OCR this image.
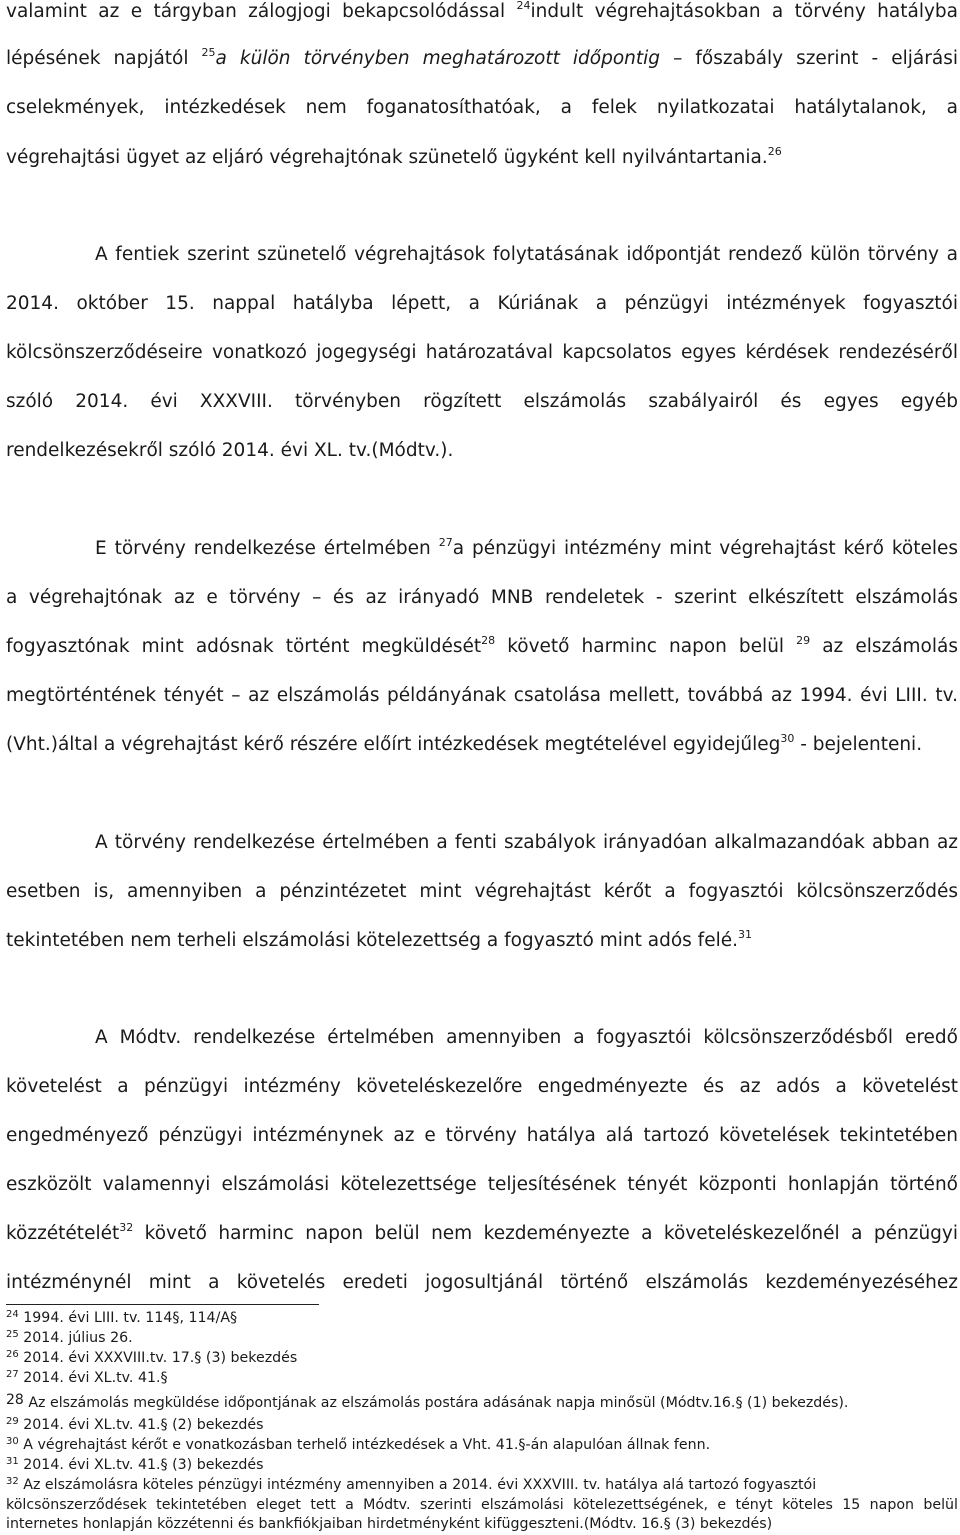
valamint az e tárgyban zálogjogi bekapcsolódással $^{24}$indult végrehajtásokban a törvény hatályba
lépésének napjától $^{25}$a külön törvényben meghatározott időpontig – főszabály szerint - eljárási
cselekmények, intézkedések nem foganatosíthatóak, a felek nyilatkozatai hatálytalanok, a
végrehajtási ügyet az eljáró végrehajtónak szünetelő ügyként kell nyilvántartania.$^{26}$
A fentiek szerint szünetelő végrehajtások folytatásának időpontját rendező külön törvény a
2014. október 15. nappal hatályba lépett, a Kúriának a pénzügyi intézmények fogyasztói
kölcsönszerződéseire vonatkozó jogegységi határozatával kapcsolatos egyes kérdések rendezéséről
szóló 2014. évi XXXVIII. törvényben rögzített elszámolás szabályairól és egyes egyéb
rendelkezésekről szóló 2014. évi XL. tv.(Módtv.).
E törvény rendelkezése értelmében $^{27}$a pénzügyi intézmény mint végrehajtást kérő köteles
a végrehajtónak az e törvény – és az irányadó MNB rendeletek - szerint elkészített elszámolás
fogyasztónak mint adósnak történt megküldését$^{28}$ követő harminc napon belül $^{29}$ az elszámolás
megtörténtének tényét – az elszámolás példányának csatolása mellett, továbbá az 1994. évi LIII. tv.
(Vht.)által a végrehajtást kérő részére előírt intézkedések megtételével egyidejűleg$^{30}$ - bejelenteni.
A törvény rendelkezése értelmében a fenti szabályok irányadóan alkalmazandóak abban az
esetben is, amennyiben a pénzintézetet mint végrehajtást kérőt a fogyasztói kölcsönszerződés
tekintetében nem terheli elszámolási kötelezettség a fogyasztó mint adós felé.$^{31}$
A Módtv. rendelkezése értelmében amennyiben a fogyasztói kölcsönszerződésből eredő
követelést a pénzügyi intézmény követeléskezelőre engedményezte és az adós a követelést
engedményező pénzügyi intézménynek az e törvény hatálya alá tartozó követelések tekintetében
eszközölt valamennyi elszámolási kötelezettsége teljesítésének tényét központi honlapján történő
közzétételét$^{32}$ követő harminc napon belül nem kezdeményezte a követeléskezelőnél a pénzügyi
intézménynél mint a követelés eredeti jogosultjánál történő elszámolás kezdeményezéséhez
$^{24}$ 1994. évi LIII. tv. 114§, 114/A§
$^{25}$ 2014. július 26.
$^{26}$ 2014. évi XXXVIII.tv. 17.§ (3) bekezdés
$^{27}$ 2014. évi XL.tv. 41.§
$^{28}$ Az elszámolás megküldése időpontjának az elszámolás postára adásának napja minősül (Módtv.16.§ (1) bekezdés).
$^{29}$ 2014. évi XL.tv. 41.§ (2) bekezdés
$^{30}$ A végrehajtást kérőt e vonatkozásban terhelő intézkedések a Vht. 41.§-án alapulóan állnak fenn.
$^{31}$ 2014. évi XL.tv. 41.§ (3) bekezdés
$^{32}$ Az elszámolásra köteles pénzügyi intézmény amennyiben a 2014. évi XXXVIII. tv. hatálya alá tartozó fogyasztói
kölcsönszerződések tekintetében eleget tett a Módtv. szerinti elszámolási kötelezettségének, e tényt köteles 15 napon belül
internetes honlapján közzétenni és bankfiókjaiban hirdetményként kifüggeszteni.(Módtv. 16.§ (3) bekezdés)
